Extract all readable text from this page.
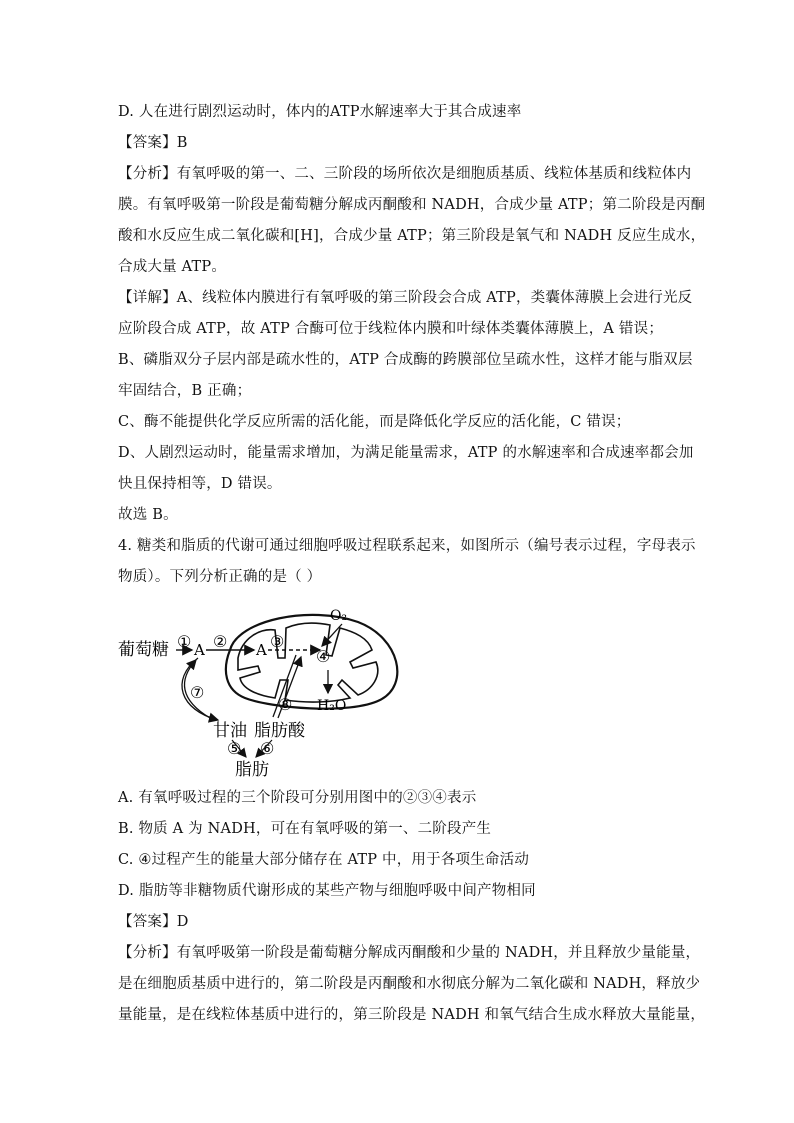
D. 人在进行剧烈运动时，体内的ATP水解速率大于其合成速率
【答案】B
【分析】有氧呼吸的第一、二、三阶段的场所依次是细胞质基质、线粒体基质和线粒体内
膜。有氧呼吸第一阶段是葡萄糖分解成丙酮酸和 NADH，合成少量 ATP；第二阶段是丙酮
酸和水反应生成二氧化碳和[H]，合成少量 ATP；第三阶段是氧气和 NADH 反应生成水，
合成大量 ATP。
【详解】A、线粒体内膜进行有氧呼吸的第三阶段会合成 ATP，类囊体薄膜上会进行光反
应阶段合成 ATP，故 ATP 合酶可位于线粒体内膜和叶绿体类囊体薄膜上，A 错误；
B、磷脂双分子层内部是疏水性的，ATP 合成酶的跨膜部位呈疏水性，这样才能与脂双层
牢固结合，B 正确；
C、酶不能提供化学反应所需的活化能，而是降低化学反应的活化能，C 错误；
D、人剧烈运动时，能量需求增加，为满足能量需求，ATP 的水解速率和合成速率都会加
快且保持相等，D 错误。
故选 B。
4. 糖类和脂质的代谢可通过细胞呼吸过程联系起来，如图所示（编号表示过程，字母表示
物质）。下列分析正确的是（ ）
葡萄糖 ① ②	③
④
A	A
O₂
H₂O
⑦
⑧
甘油 脂肪酸
⑤ ⑥
脂肪
A. 有氧呼吸过程的三个阶段可分别用图中的②③④表示
B. 物质 A 为 NADH，可在有氧呼吸的第一、二阶段产生
C. ④过程产生的能量大部分储存在 ATP 中，用于各项生命活动
D. 脂肪等非糖物质代谢形成的某些产物与细胞呼吸中间产物相同
【答案】D
【分析】有氧呼吸第一阶段是葡萄糖分解成丙酮酸和少量的 NADH，并且释放少量能量，
是在细胞质基质中进行的，第二阶段是丙酮酸和水彻底分解为二氧化碳和 NADH，释放少
量能量，是在线粒体基质中进行的，第三阶段是 NADH 和氧气结合生成水释放大量能量，
